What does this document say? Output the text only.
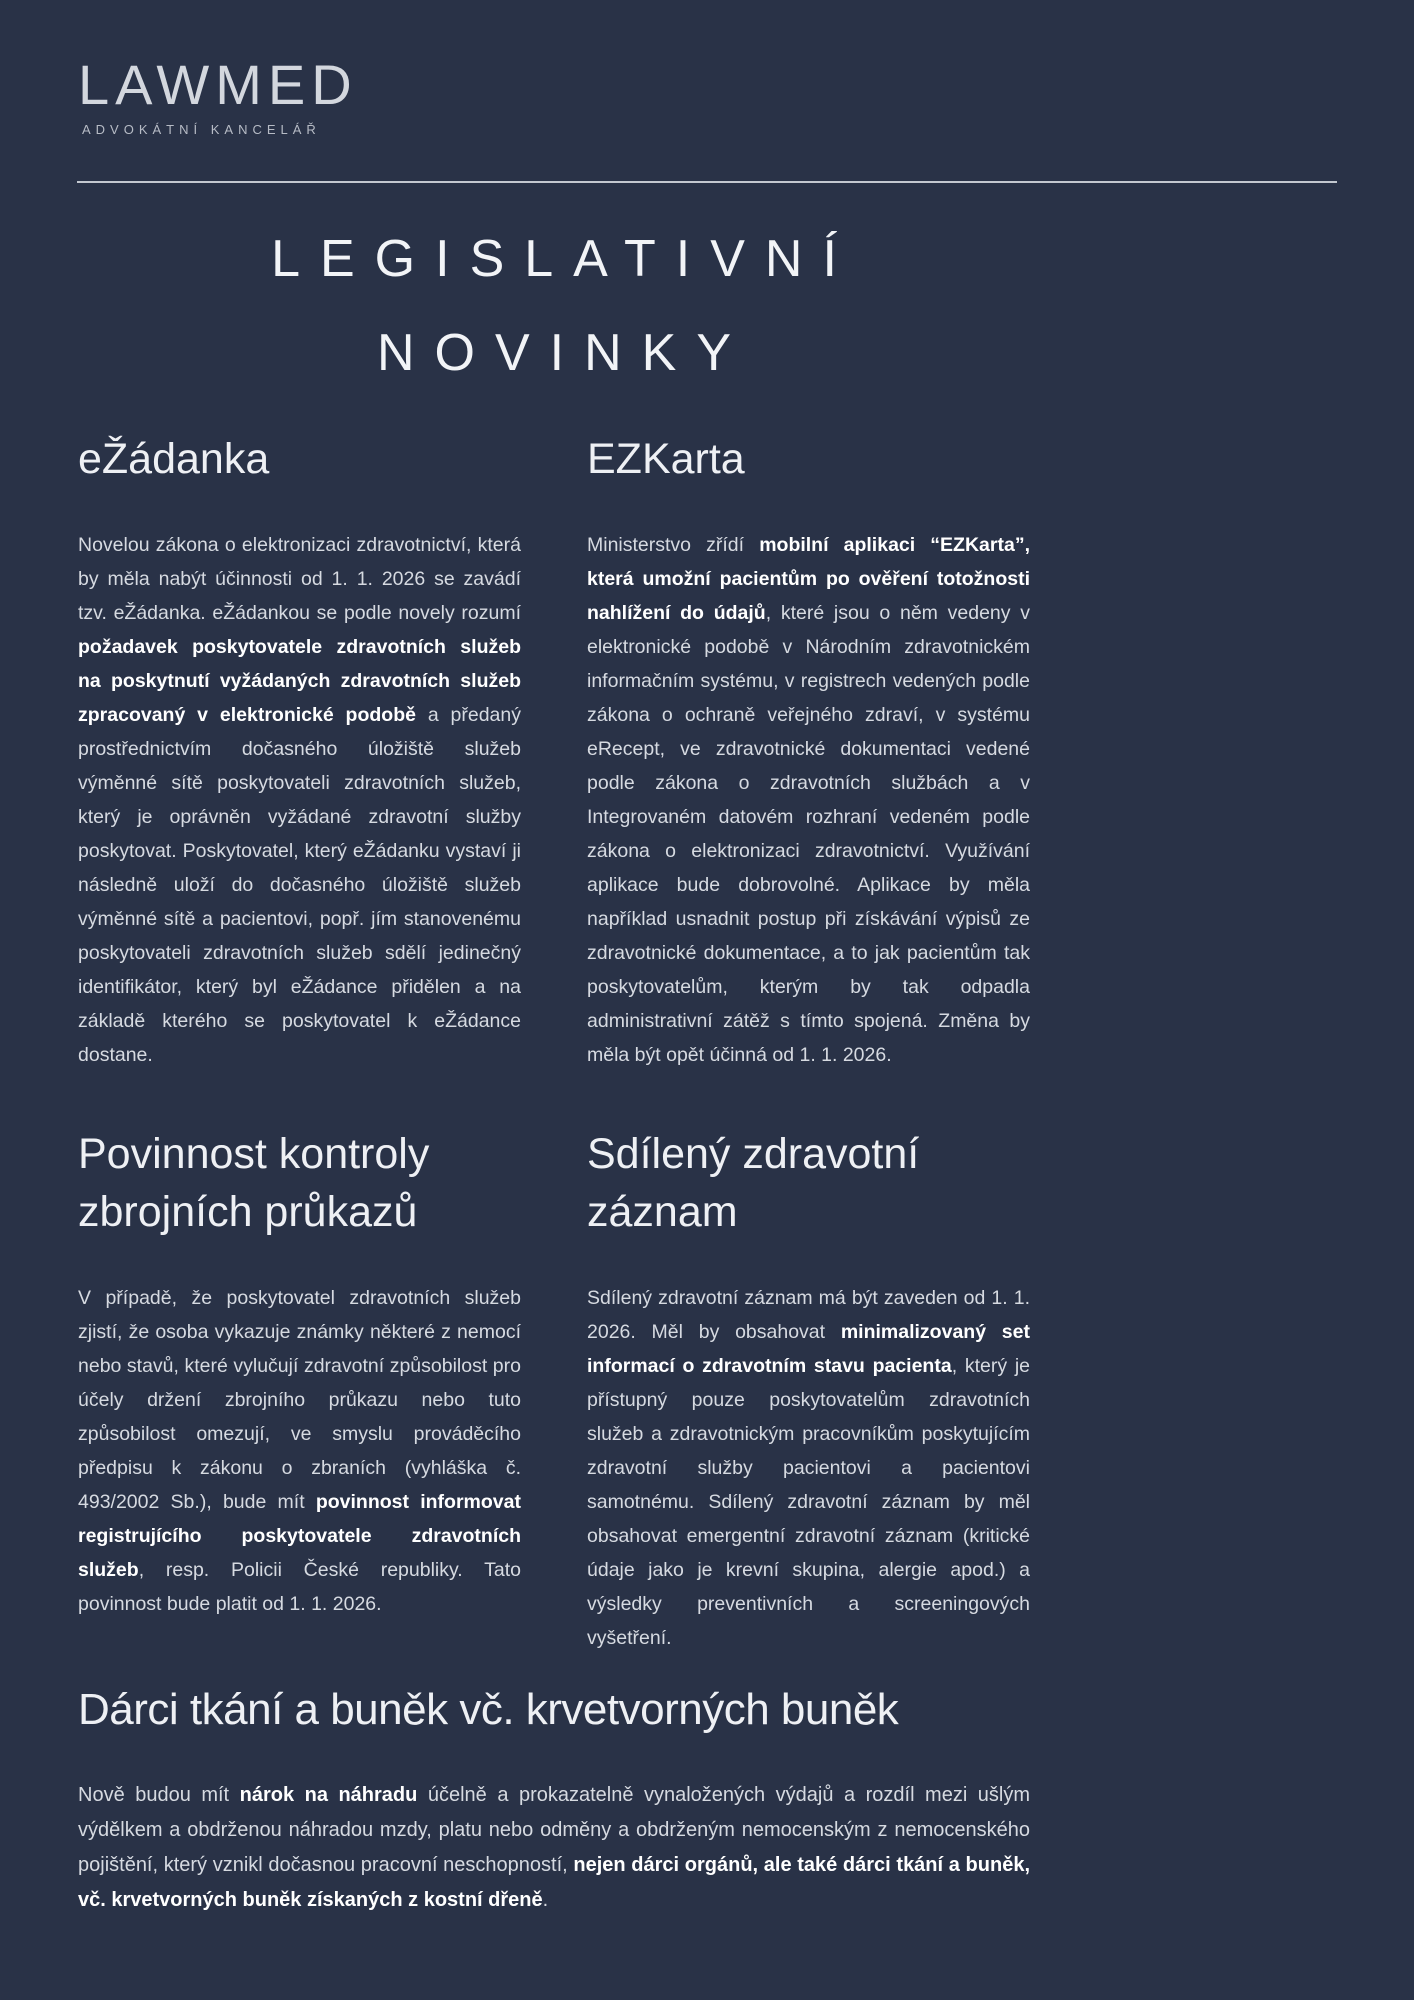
LAWMED
ADVOKÁTNÍ KANCELÁŘ
LEGISLATIVNÍ
NOVINKY
eŽádanka

Novelou zákona o elektronizaci zdravotnictví, která by měla nabýt účinnosti od 1. 1. 2026 se zavádí tzv. eŽádanka. eŽádankou se podle novely rozumí požadavek poskytovatele zdravotních služeb na poskytnutí vyžádaných zdravotních služeb zpracovaný v elektronické podobě a předaný prostřednictvím dočasného úložiště služeb výměnné sítě poskytovateli zdravotních služeb, který je oprávněn vyžádané zdravotní služby poskytovat. Poskytovatel, který eŽádanku vystaví ji následně uloží do dočasného úložiště služeb výměnné sítě a pacientovi, popř. jím stanovenému poskytovateli zdravotních služeb sdělí jedinečný identifikátor, který byl eŽádance přidělen a na základě kterého se poskytovatel k eŽádance dostane.

EZKarta

Ministerstvo zřídí mobilní aplikaci “EZKarta”, která umožní pacientům po ověření totožnosti nahlížení do údajů, které jsou o něm vedeny v elektronické podobě v Národním zdravotnickém informačním systému, v registrech vedených podle zákona o ochraně veřejného zdraví, v systému eRecept, ve zdravotnické dokumentaci vedené podle zákona o zdravotních službách a v Integrovaném datovém rozhraní vedeném podle zákona o elektronizaci zdravotnictví. Využívání aplikace bude dobrovolné. Aplikace by měla například usnadnit postup při získávání výpisů ze zdravotnické dokumentace, a to jak pacientům tak poskytovatelům, kterým by tak odpadla administrativní zátěž s tímto spojená. Změna by měla být opět účinná od 1. 1. 2026.

Povinnost kontroly zbrojních průkazů

V případě, že poskytovatel zdravotních služeb zjistí, že osoba vykazuje známky některé z nemocí nebo stavů, které vylučují zdravotní způsobilost pro účely držení zbrojního průkazu nebo tuto způsobilost omezují, ve smyslu prováděcího předpisu k zákonu o zbraních (vyhláška č. 493/2002 Sb.), bude mít povinnost informovat registrujícího poskytovatele zdravotních služeb, resp. Policii České republiky. Tato povinnost bude platit od 1. 1. 2026.

Sdílený zdravotní záznam

Sdílený zdravotní záznam má být zaveden od 1. 1. 2026. Měl by obsahovat minimalizovaný set informací o zdravotním stavu pacienta, který je přístupný pouze poskytovatelům zdravotních služeb a zdravotnickým pracovníkům poskytujícím zdravotní služby pacientovi a pacientovi samotnému. Sdílený zdravotní záznam by měl obsahovat emergentní zdravotní záznam (kritické údaje jako je krevní skupina, alergie apod.) a výsledky preventivních a screeningových vyšetření.

Dárci tkání a buněk vč. krvetvorných buněk

Nově budou mít nárok na náhradu účelně a prokazatelně vynaložených výdajů a rozdíl mezi ušlým výdělkem a obdrženou náhradou mzdy, platu nebo odměny a obdrženým nemocenským z nemocenského pojištění, který vznikl dočasnou pracovní neschopností, nejen dárci orgánů, ale také dárci tkání a buněk, vč. krvetvorných buněk získaných z kostní dřeně.
